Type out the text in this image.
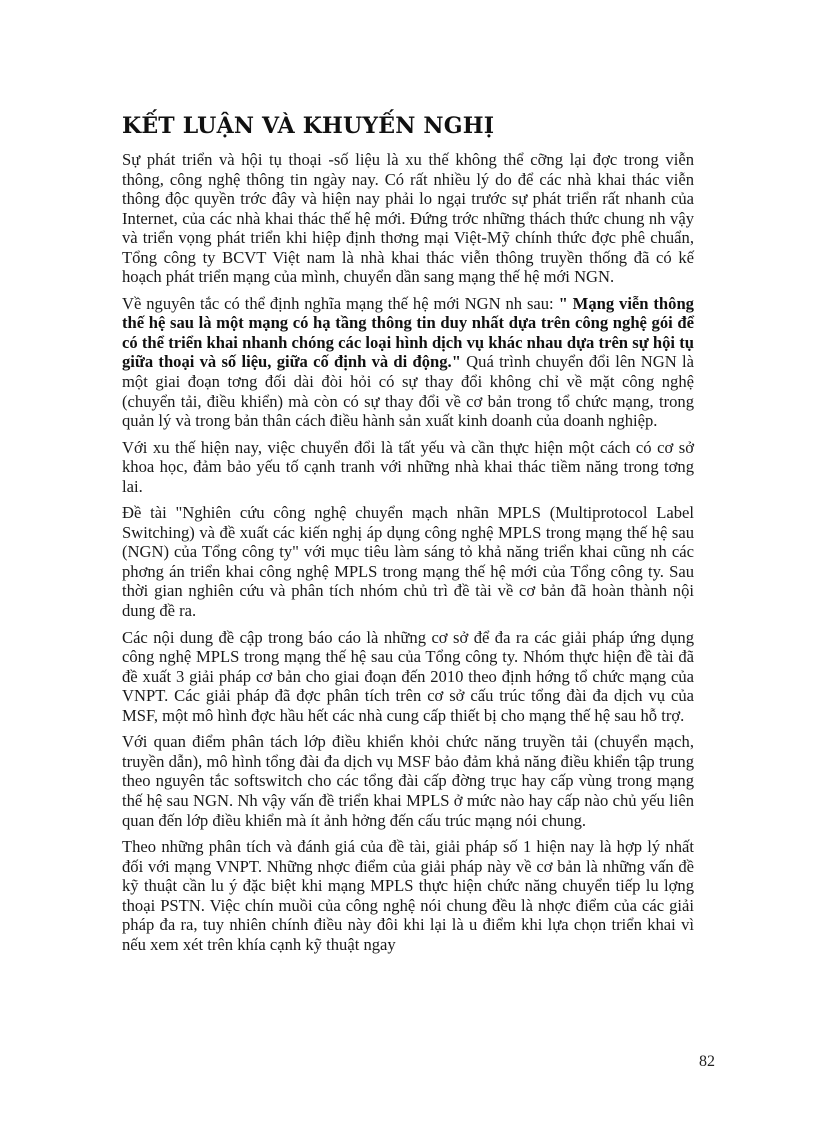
KẾT LUẬN VÀ KHUYẾN NGHỊ

Sự phát triển và hội tụ thoại -số liệu là xu thế không thể cỡng lại đợc trong viễn thông, công nghệ thông tin ngày nay. Có rất nhiều lý do để các nhà khai thác viễn thông độc quyền trớc đây và hiện nay phải lo ngại trước sự phát triển rất nhanh của Internet, của các nhà khai thác thế hệ mới. Đứng trớc những thách thức chung nh vậy và triển vọng phát triển khi hiệp định thơng mại Việt-Mỹ chính thức đợc phê chuẩn, Tổng công ty BCVT Việt nam là nhà khai thác viễn thông truyền thống đã có kế hoạch phát triển mạng của mình, chuyển dần sang mạng thế hệ mới NGN.

Về nguyên tắc có thể định nghĩa mạng thế hệ mới NGN nh sau: " Mạng viễn thông thế hệ sau là một mạng có hạ tầng thông tin duy nhất dựa trên công nghệ gói để có thể triển khai nhanh chóng các loại hình dịch vụ khác nhau dựa trên sự hội tụ giữa thoại và số liệu, giữa cố định và di động." Quá trình chuyển đổi lên NGN là một giai đoạn tơng đối dài đòi hỏi có sự thay đổi không chỉ về mặt công nghệ (chuyển tải, điều khiển) mà còn có sự thay đổi về cơ bản trong tổ chức mạng, trong quản lý và trong bản thân cách điều hành sản xuất kinh doanh của doanh nghiệp.

Với xu thế hiện nay, việc chuyển đổi là tất yếu và cần thực hiện một cách có cơ sở khoa học, đảm bảo yếu tố cạnh tranh với những nhà khai thác tiềm năng trong tơng lai.

Đề tài "Nghiên cứu công nghệ chuyển mạch nhãn MPLS (Multiprotocol Label Switching) và đề xuất các kiến nghị áp dụng công nghệ MPLS trong mạng thế hệ sau (NGN) của Tổng công ty" với mục tiêu làm sáng tỏ khả năng triển khai cũng nh các phơng án triển khai công nghệ MPLS trong mạng thế hệ mới của Tổng công ty. Sau thời gian nghiên cứu và phân tích nhóm chủ trì đề tài về cơ bản đã hoàn thành nội dung đề ra.

Các nội dung đề cập trong báo cáo là những cơ sở để đa ra các giải pháp ứng dụng công nghệ MPLS trong mạng thế hệ sau của Tổng công ty. Nhóm thực hiện đề tài đã đề xuất 3 giải pháp cơ bản cho giai đoạn đến 2010 theo định hớng tổ chức mạng của VNPT. Các giải pháp đã đợc phân tích trên cơ sở cấu trúc tổng đài đa dịch vụ của MSF, một mô hình đợc hầu hết các nhà cung cấp thiết bị cho mạng thế hệ sau hỗ trợ.

Với quan điểm phân tách lớp điều khiển khỏi chức năng truyền tải (chuyển mạch, truyền dẫn), mô hình tổng đài đa dịch vụ MSF bảo đảm khả năng điều khiển tập trung theo nguyên tắc softswitch cho các tổng đài cấp đờng trục hay cấp vùng trong mạng thế hệ sau NGN. Nh vậy vấn đề triển khai MPLS ở mức nào hay cấp nào chủ yếu liên quan đến lớp điều khiển mà ít ảnh hởng đến cấu trúc mạng nói chung.

Theo những phân tích và đánh giá của đề tài, giải pháp số 1 hiện nay là hợp lý nhất đối với mạng VNPT. Những nhợc điểm của giải pháp này về cơ bản là những vấn đề kỹ thuật cần lu ý đặc biệt khi mạng MPLS thực hiện chức năng chuyển tiếp lu lợng thoại PSTN. Việc chín muồi của công nghệ nói chung đều là nhợc điểm của các giải pháp đa ra, tuy nhiên chính điều này đôi khi lại là u điểm khi lựa chọn triển khai vì nếu xem xét trên khía cạnh kỹ thuật ngay

82
